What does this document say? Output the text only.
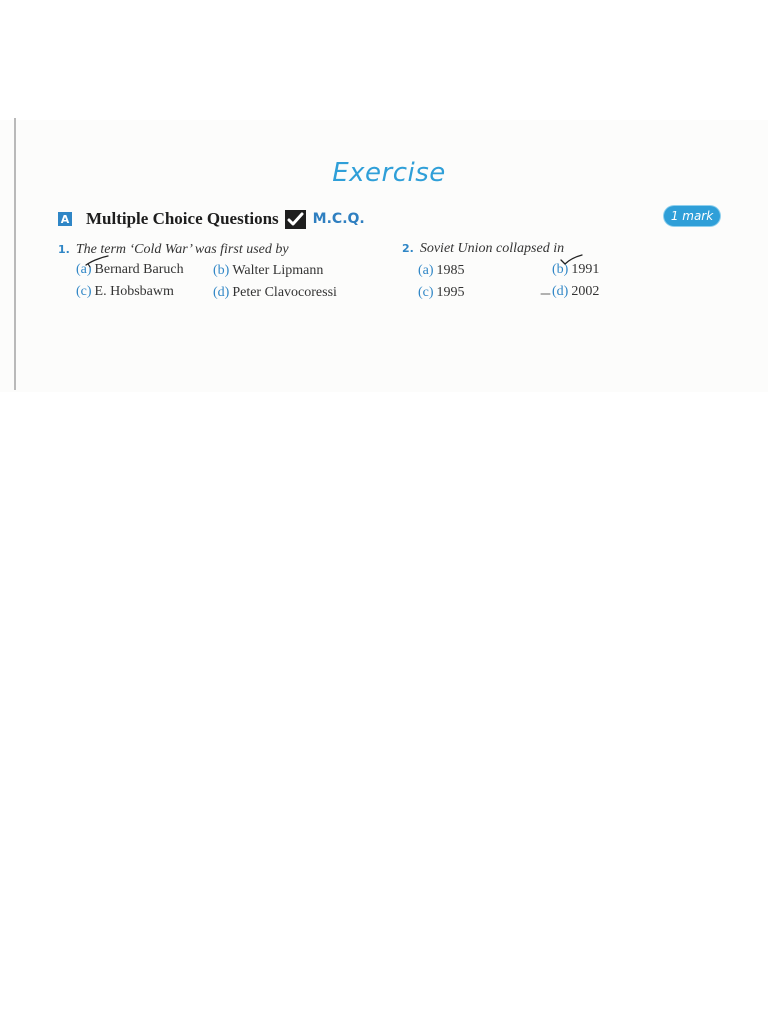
Exercise
A Multiple Choice Questions M.C.Q.	1 mark
1. The term ‘Cold War’ was first used by
(a) Bernard Baruch (b) Walter Lipmann
(c) E. Hobsbawm	(d) Peter Clavocoressi
2. Soviet Union collapsed in
(a) 1985	(b) 1991
(c) 1995	(d) 2002
